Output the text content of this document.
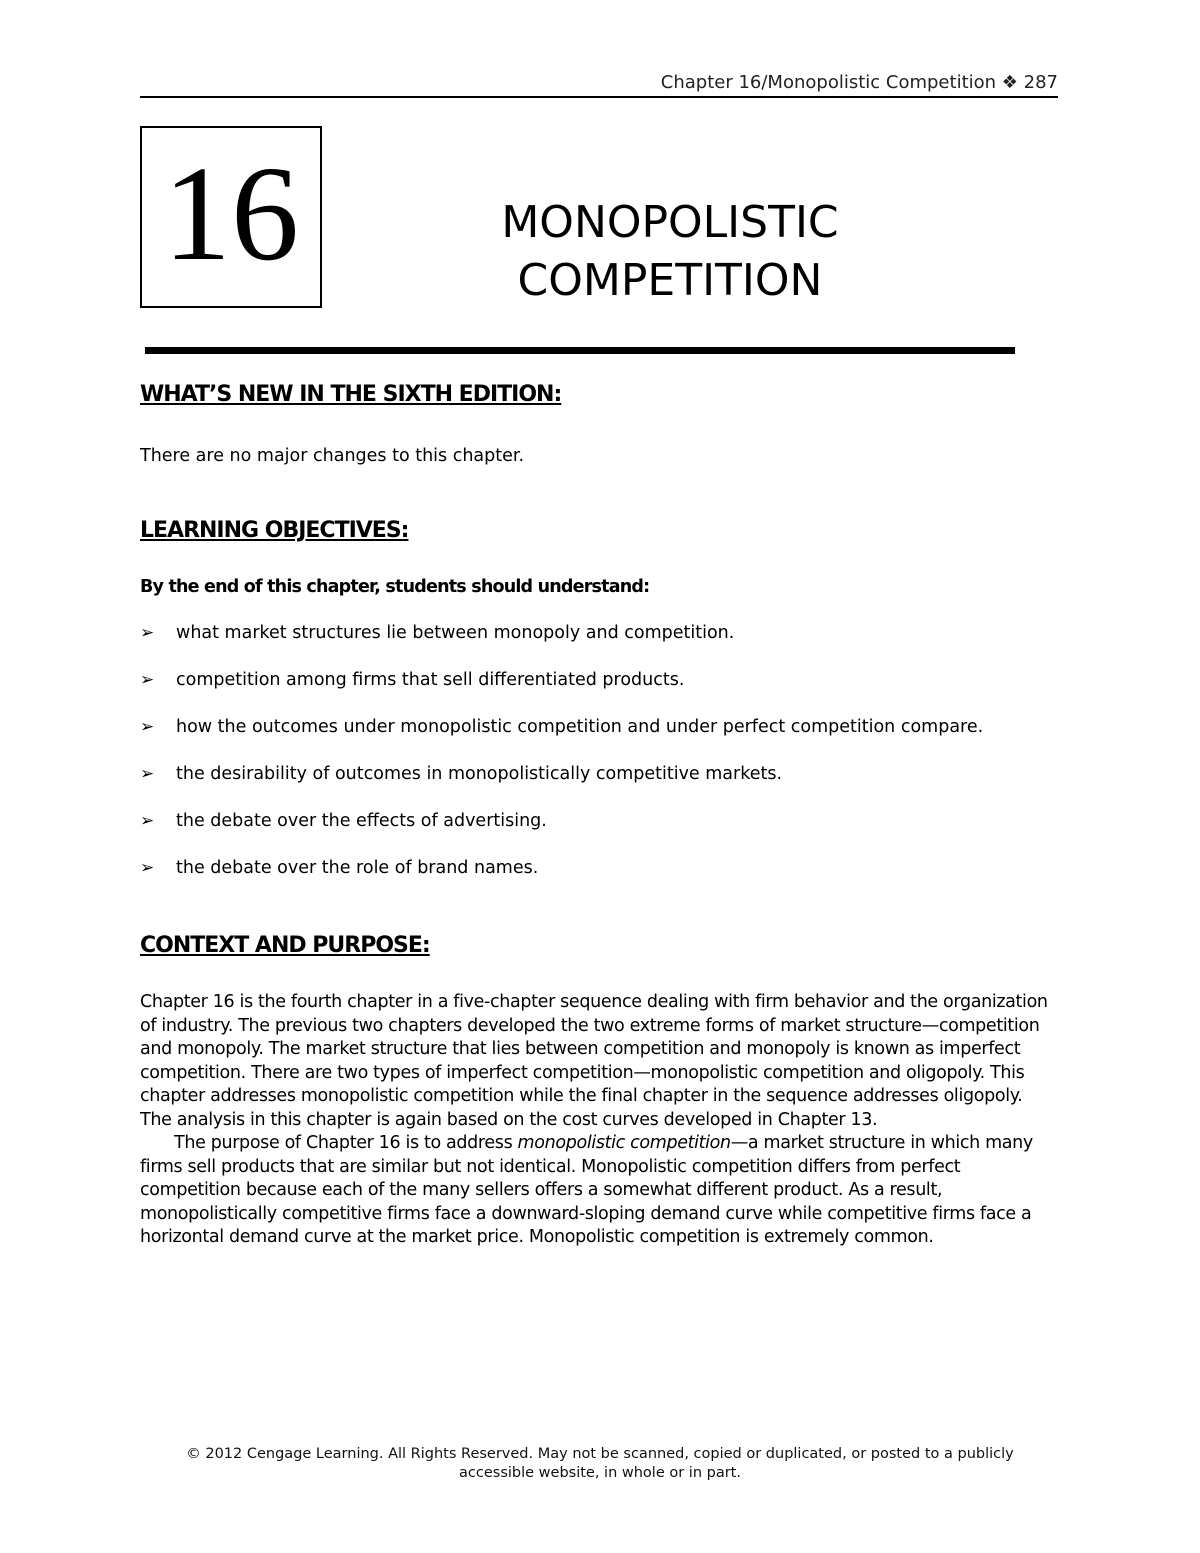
Chapter 16/Monopolistic Competition ❖ 287
16	MONOPOLISTIC
COMPETITION
WHAT’S NEW IN THE SIXTH EDITION:

There are no major changes to this chapter.

LEARNING OBJECTIVES:

By the end of this chapter, students should understand:

➢	what market structures lie between monopoly and competition.
➢	competition among firms that sell differentiated products.
➢	how the outcomes under monopolistic competition and under perfect competition compare.
➢	the desirability of outcomes in monopolistically competitive markets.
➢	the debate over the effects of advertising.
➢	the debate over the role of brand names.
CONTEXT AND PURPOSE:

Chapter 16 is the fourth chapter in a five-chapter sequence dealing with firm behavior and the organization of industry. The previous two chapters developed the two extreme forms of market structure—competition and monopoly. The market structure that lies between competition and monopoly is known as imperfect competition. There are two types of imperfect competition—monopolistic competition and oligopoly. This chapter addresses monopolistic competition while the final chapter in the sequence addresses oligopoly. The analysis in this chapter is again based on the cost curves developed in Chapter 13.

The purpose of Chapter 16 is to address monopolistic competition—a market structure in which many firms sell products that are similar but not identical. Monopolistic competition differs from perfect competition because each of the many sellers offers a somewhat different product. As a result, monopolistically competitive firms face a downward-sloping demand curve while competitive firms face a horizontal demand curve at the market price. Monopolistic competition is extremely common.

© 2012 Cengage Learning. All Rights Reserved. May not be scanned, copied or duplicated, or posted to a publicly
accessible website, in whole or in part.
